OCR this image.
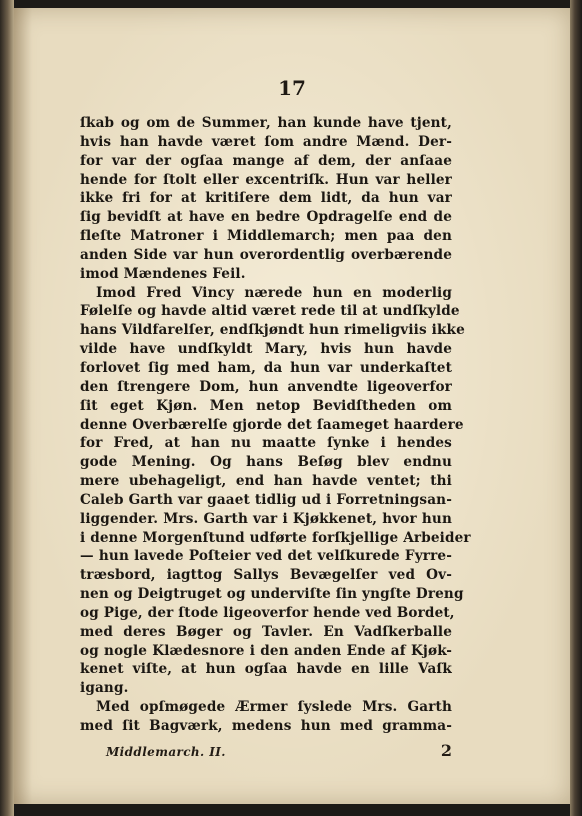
17
ſkab og om de Summer, han kunde have tjent,
hvis han havde været ſom andre Mænd. Der-
for var der ogſaa mange af dem, der anſaae
hende for ſtolt eller excentriſk. Hun var heller
ikke fri for at kritiſere dem lidt, da hun var
ſig bevidſt at have en bedre Opdragelſe end de
fleſte Matroner i Middlemarch; men paa den
anden Side var hun overordentlig overbærende
imod Mændenes Feil.
Imod Fred Vincy nærede hun en moderlig
Følelſe og havde altid været rede til at undſkylde
hans Vildfarelſer, endſkjøndt hun rimeligviis ikke
vilde have undſkyldt Mary, hvis hun havde
forlovet ſig med ham, da hun var underkaſtet
den ſtrengere Dom, hun anvendte ligeoverfor
ſit eget Kjøn. Men netop Bevidſtheden om
denne Overbærelſe gjorde det ſaameget haardere
for Fred, at han nu maatte ſynke i hendes
gode Mening. Og hans Beſøg blev endnu
mere ubehageligt, end han havde ventet; thi
Caleb Garth var gaaet tidlig ud i Forretningsan-
liggender. Mrs. Garth var i Kjøkkenet, hvor hun
i denne Morgenſtund udførte forſkjellige Arbeider
— hun lavede Poſteier ved det velſkurede Fyrre-
træsbord, iagttog Sallys Bevægelſer ved Ov-
nen og Deigtruget og underviſte ſin yngſte Dreng
og Pige, der ſtode ligeoverfor hende ved Bordet,
med deres Bøger og Tavler. En Vadſkerballe
og nogle Klædesnore i den anden Ende af Kjøk-
kenet viſte, at hun ogſaa havde en lille Vaſk
igang.
Med opſmøgede Ærmer ſysledе Mrs. Garth
med ſit Bagværk, medens hun med gramma-
Middlemarch. II.	2
